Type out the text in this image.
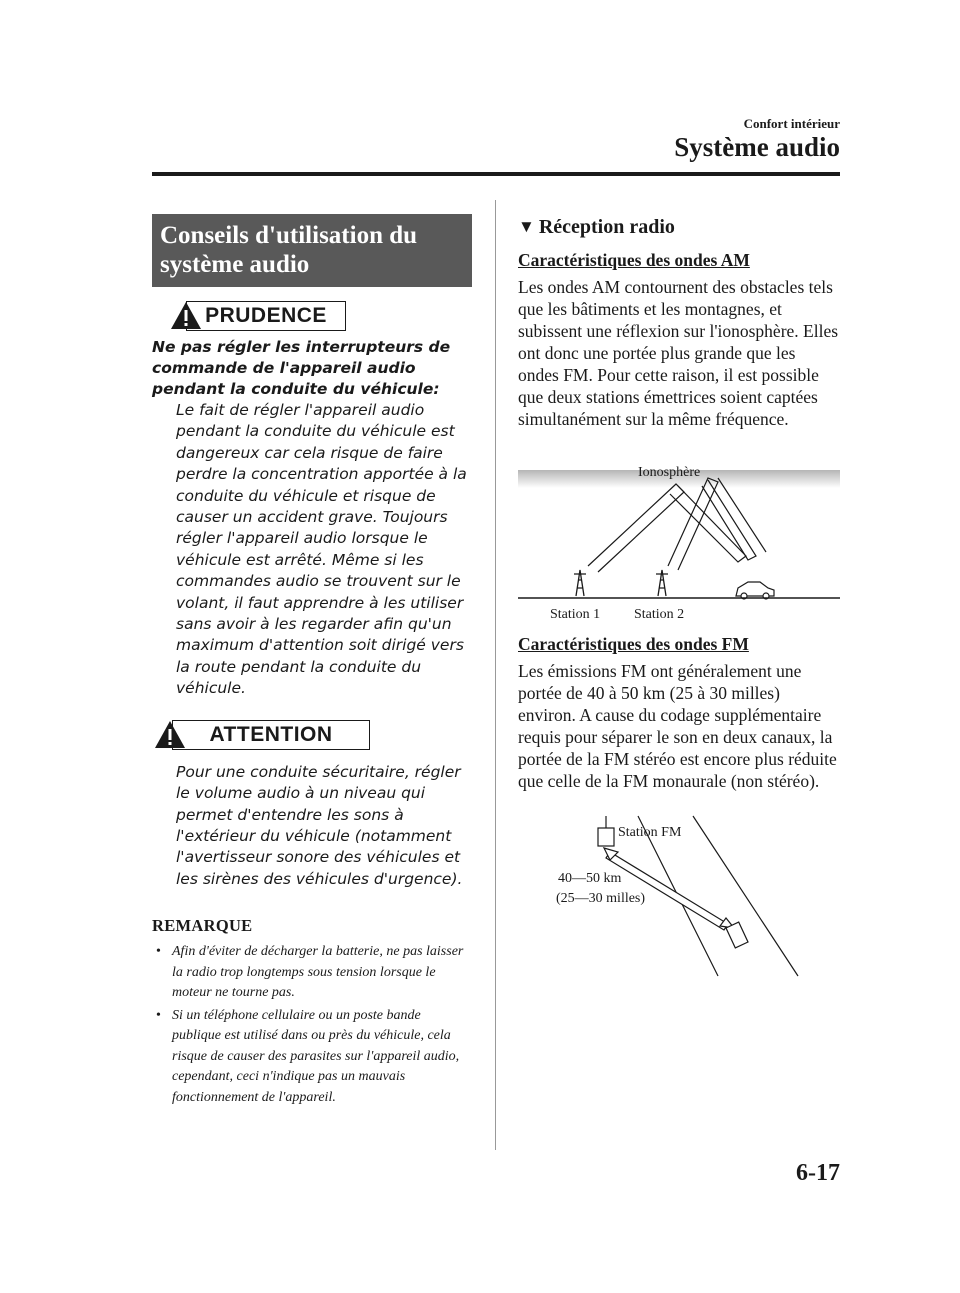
Confort intérieur
Système audio
Conseils d'utilisation du système audio
PRUDENCE
Ne pas régler les interrupteurs de commande de l'appareil audio pendant la conduite du véhicule:
Le fait de régler l'appareil audio pendant la conduite du véhicule est dangereux car cela risque de faire perdre la concentration apportée à la conduite du véhicule et risque de causer un accident grave. Toujours régler l'appareil audio lorsque le véhicule est arrêté. Même si les commandes audio se trouvent sur le volant, il faut apprendre à les utiliser sans avoir à les regarder afin qu'un maximum d'attention soit dirigé vers la route pendant la conduite du véhicule.
ATTENTION
Pour une conduite sécuritaire, régler le volume audio à un niveau qui permet d'entendre les sons à l'extérieur du véhicule (notamment l'avertisseur sonore des véhicules et les sirènes des véhicules d'urgence).
REMARQUE
• Afin d'éviter de décharger la batterie, ne pas laisser la radio trop longtemps sous tension lorsque le moteur ne tourne pas.
• Si un téléphone cellulaire ou un poste bande publique est utilisé dans ou près du véhicule, cela risque de causer des parasites sur l'appareil audio, cependant, ceci n'indique pas un mauvais fonctionnement de l'appareil.
▼ Réception radio
Caractéristiques des ondes AM
Les ondes AM contournent des obstacles tels que les bâtiments et les montagnes, et subissent une réflexion sur l'ionosphère. Elles ont donc une portée plus grande que les ondes FM. Pour cette raison, il est possible que deux stations émettrices soient captées simultanément sur la même fréquence.
Ionosphère
Station 1 Station 2
Caractéristiques des ondes FM
Les émissions FM ont généralement une portée de 40 à 50 km (25 à 30 milles) environ. A cause du codage supplémentaire requis pour séparer le son en deux canaux, la portée de la FM stéréo est encore plus réduite que celle de la FM monaurale (non stéréo).
Station FM
40—50 km
(25—30 milles)
6-17
